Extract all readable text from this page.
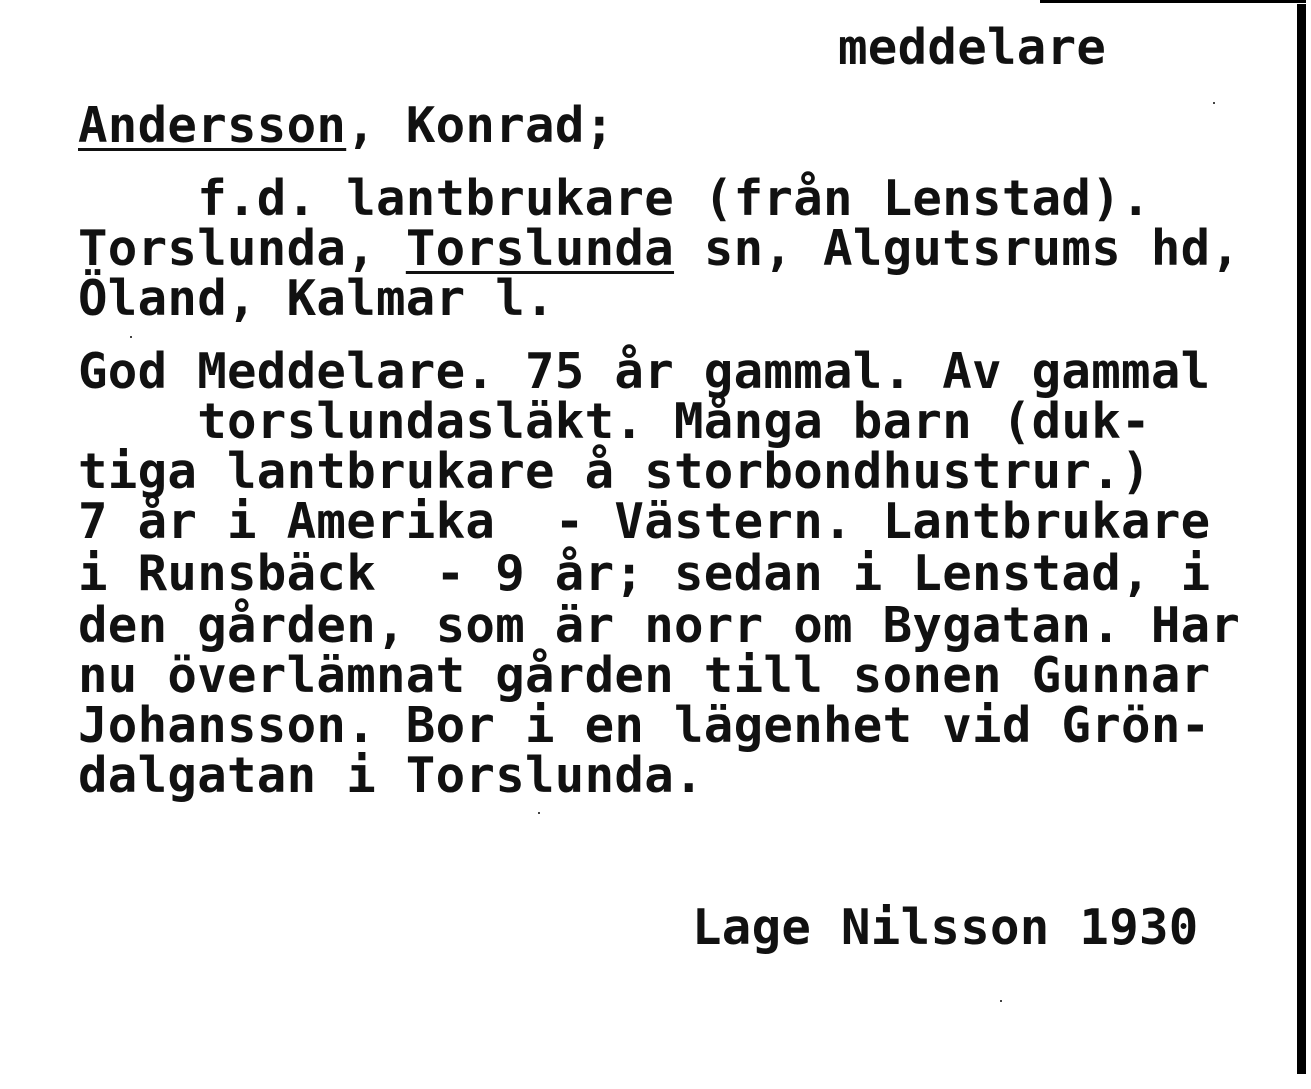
meddelare
Andersson, Konrad;
f.d. lantbrukare (från Lenstad).
Torslunda, Torslunda sn, Algutsrums hd,
Öland, Kalmar l.
God Meddelare. 75 år gammal. Av gammal
torslundasläkt. Många barn (duk-
tiga lantbrukare å storbondhustrur.)
7 år i Amerika  - Västern. Lantbrukare
i Runsbäck  - 9 år; sedan i Lenstad, i
den gården, som är norr om Bygatan. Har
nu överlämnat gården till sonen Gunnar
Johansson. Bor i en lägenhet vid Grön-
dalgatan i Torslunda.
Lage Nilsson 1930
